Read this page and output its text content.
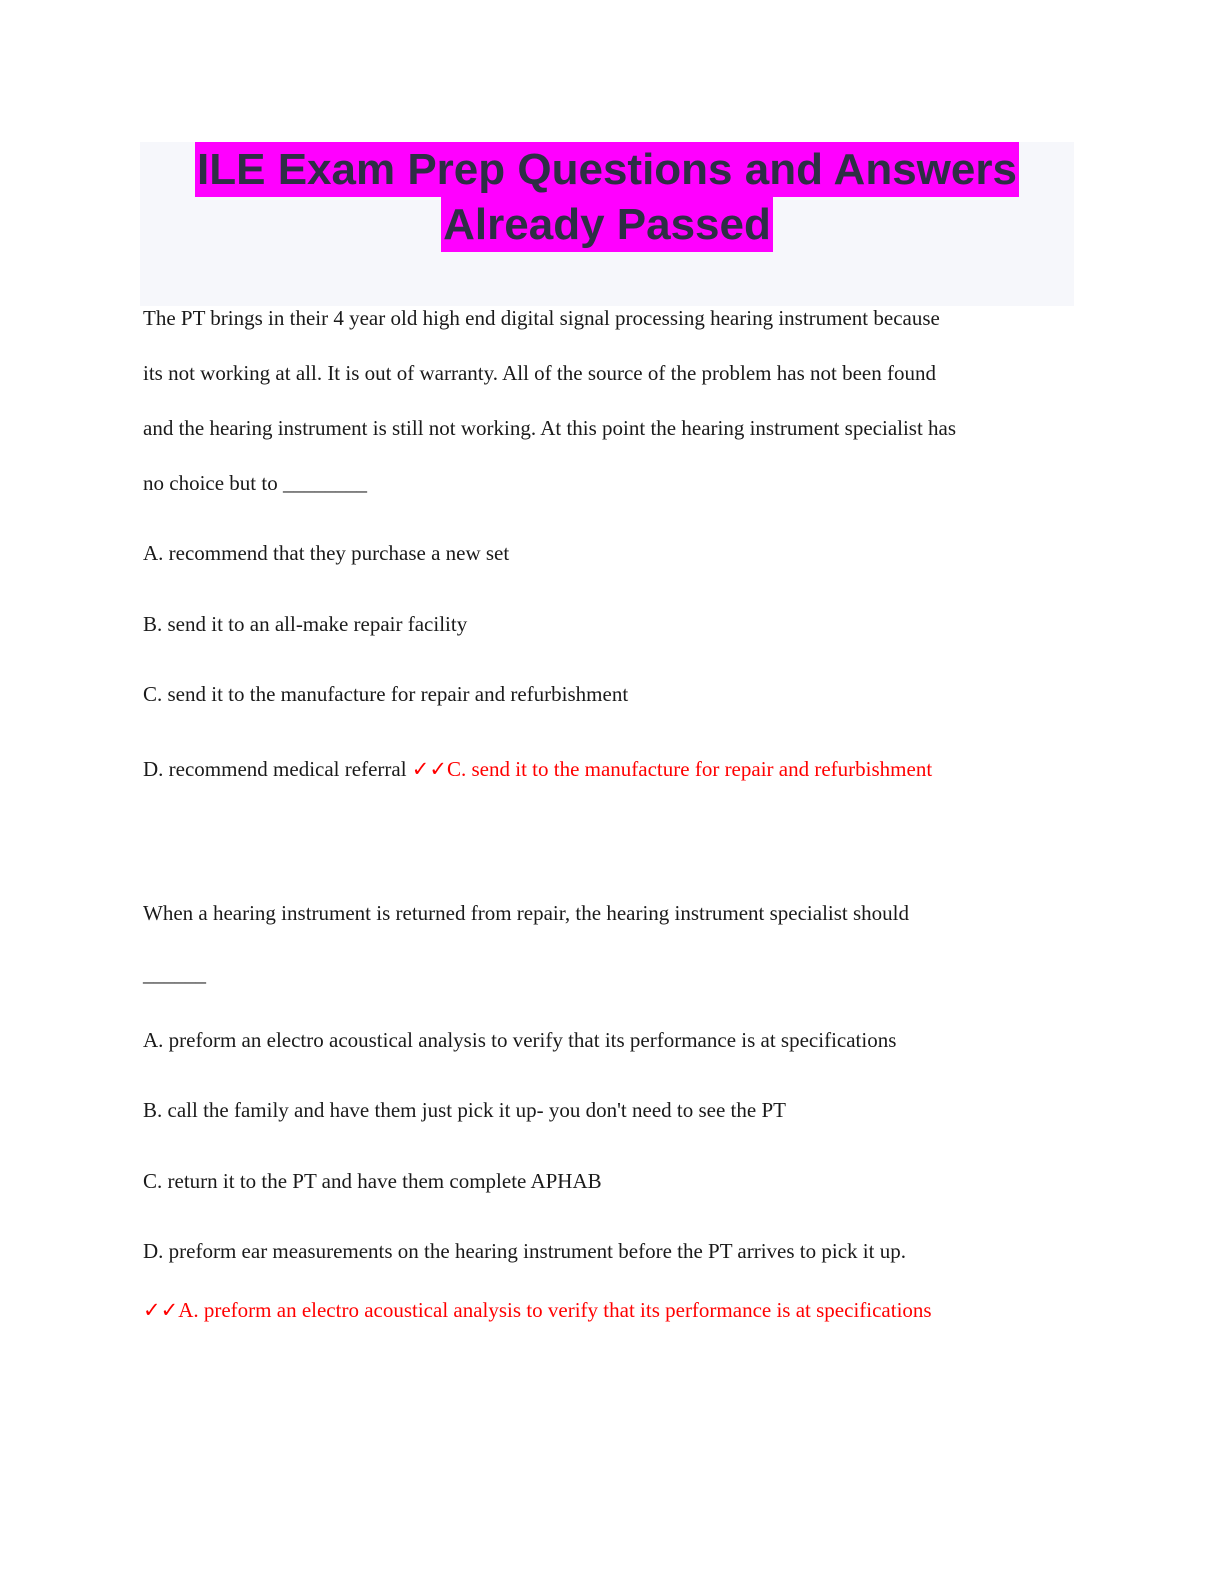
ILE Exam Prep Questions and Answers
Already Passed
The PT brings in their 4 year old high end digital signal processing hearing instrument because
its not working at all. It is out of warranty. All of the source of the problem has not been found
and the hearing instrument is still not working. At this point the hearing instrument specialist has
no choice but to ________
A. recommend that they purchase a new set
B. send it to an all-make repair facility
C. send it to the manufacture for repair and refurbishment
D. recommend medical referral ✓✓C. send it to the manufacture for repair and refurbishment
When a hearing instrument is returned from repair, the hearing instrument specialist should
______
A. preform an electro acoustical analysis to verify that its performance is at specifications
B. call the family and have them just pick it up- you don't need to see the PT
C. return it to the PT and have them complete APHAB
D. preform ear measurements on the hearing instrument before the PT arrives to pick it up.
✓✓A. preform an electro acoustical analysis to verify that its performance is at specifications
